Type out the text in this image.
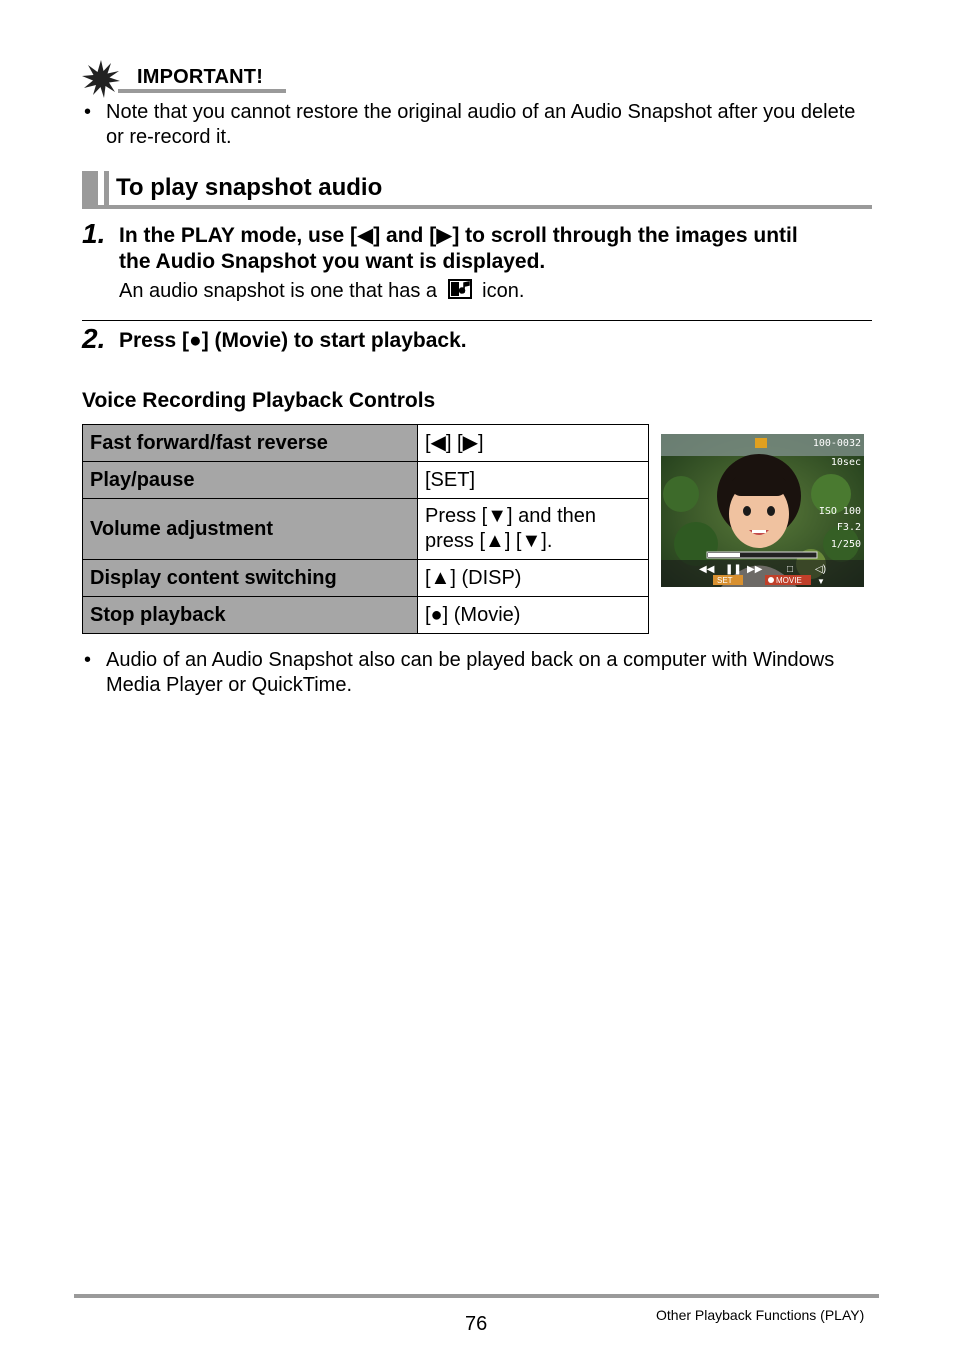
IMPORTANT!
• Note that you cannot restore the original audio of an Audio Snapshot after you delete or re-record it.
To play snapshot audio
1. In the PLAY mode, use [◀] and [▶] to scroll through the images until
the Audio Snapshot you want is displayed.
An audio snapshot is one that has a icon.
2. Press [●] (Movie) to start playback.
Voice Recording Playback Controls
Fast forward/fast reverse	[◀] [▶]

Play/pause	[SET]

Volume adjustment	Press [▼] and then
press [▲] [▼].

Display content switching	[▲] (DISP)

Stop playback	[●] (Movie)
100-0032
10sec
ISO 100
F3.2
1/250
◀◀ ❚❚ ▶▶ □ ◁)
SET	MOVIE ▼
• Audio of an Audio Snapshot also can be played back on a computer with Windows Media Player or QuickTime.
76	Other Playback Functions (PLAY)
